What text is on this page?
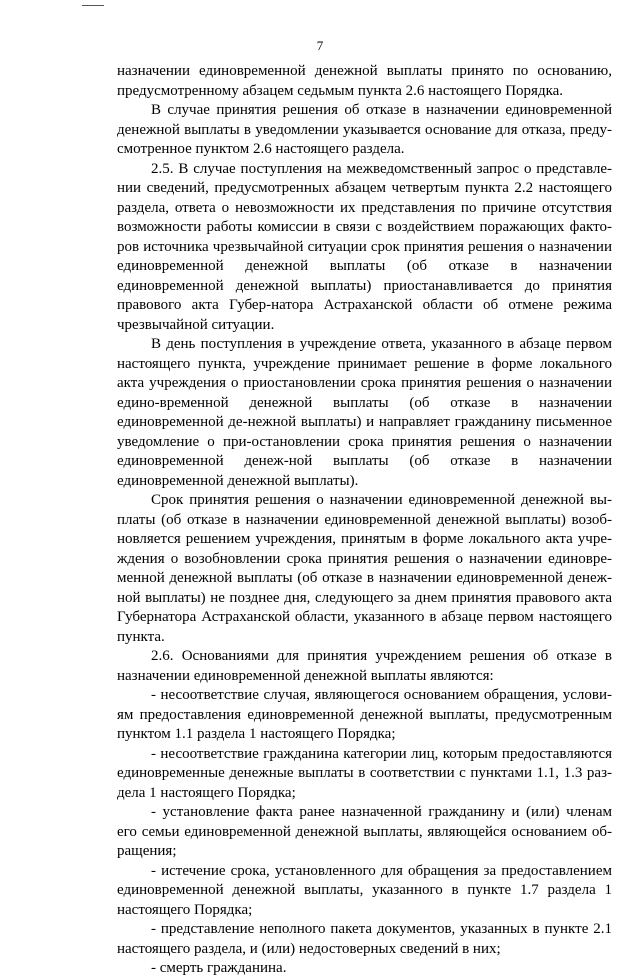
7

назначении единовременной денежной выплаты принято по основанию, предусмотренному абзацем седьмым пункта 2.6 настоящего Порядка.

В случае принятия решения об отказе в назначении единовременной денежной выплаты в уведомлении указывается основание для отказа, преду-смотренное пунктом 2.6 настоящего раздела.

2.5. В случае поступления на межведомственный запрос о представле-нии сведений, предусмотренных абзацем четвертым пункта 2.2 настоящего раздела, ответа о невозможности их представления по причине отсутствия возможности работы комиссии в связи с воздействием поражающих факто-ров источника чрезвычайной ситуации срок принятия решения о назначении единовременной денежной выплаты (об отказе в назначении единовременной денежной выплаты) приостанавливается до принятия правового акта Губер-натора Астраханской области об отмене режима чрезвычайной ситуации.

В день поступления в учреждение ответа, указанного в абзаце первом настоящего пункта, учреждение принимает решение в форме локального акта учреждения о приостановлении срока принятия решения о назначении едино-временной денежной выплаты (об отказе в назначении единовременной де-нежной выплаты) и направляет гражданину письменное уведомление о при-остановлении срока принятия решения о назначении единовременной денеж-ной выплаты (об отказе в назначении единовременной денежной выплаты).

Срок принятия решения о назначении единовременной денежной вы-платы (об отказе в назначении единовременной денежной выплаты) возоб-новляется решением учреждения, принятым в форме локального акта учре-ждения о возобновлении срока принятия решения о назначении единовре-менной денежной выплаты (об отказе в назначении единовременной денеж-ной выплаты) не позднее дня, следующего за днем принятия правового акта Губернатора Астраханской области, указанного в абзаце первом настоящего пункта.

2.6. Основаниями для принятия учреждением решения об отказе в назначении единовременной денежной выплаты являются:

- несоответствие случая, являющегося основанием обращения, услови-ям предоставления единовременной денежной выплаты, предусмотренным пунктом 1.1 раздела 1 настоящего Порядка;

- несоответствие гражданина категории лиц, которым предоставляются единовременные денежные выплаты в соответствии с пунктами 1.1, 1.3 раз-дела 1 настоящего Порядка;

- установление факта ранее назначенной гражданину и (или) членам его семьи единовременной денежной выплаты, являющейся основанием об-ращения;

- истечение срока, установленного для обращения за предоставлением единовременной денежной выплаты, указанного в пункте 1.7 раздела 1 настоящего Порядка;

- представление неполного пакета документов, указанных в пункте 2.1 настоящего раздела, и (или) недостоверных сведений в них;

- смерть гражданина.
